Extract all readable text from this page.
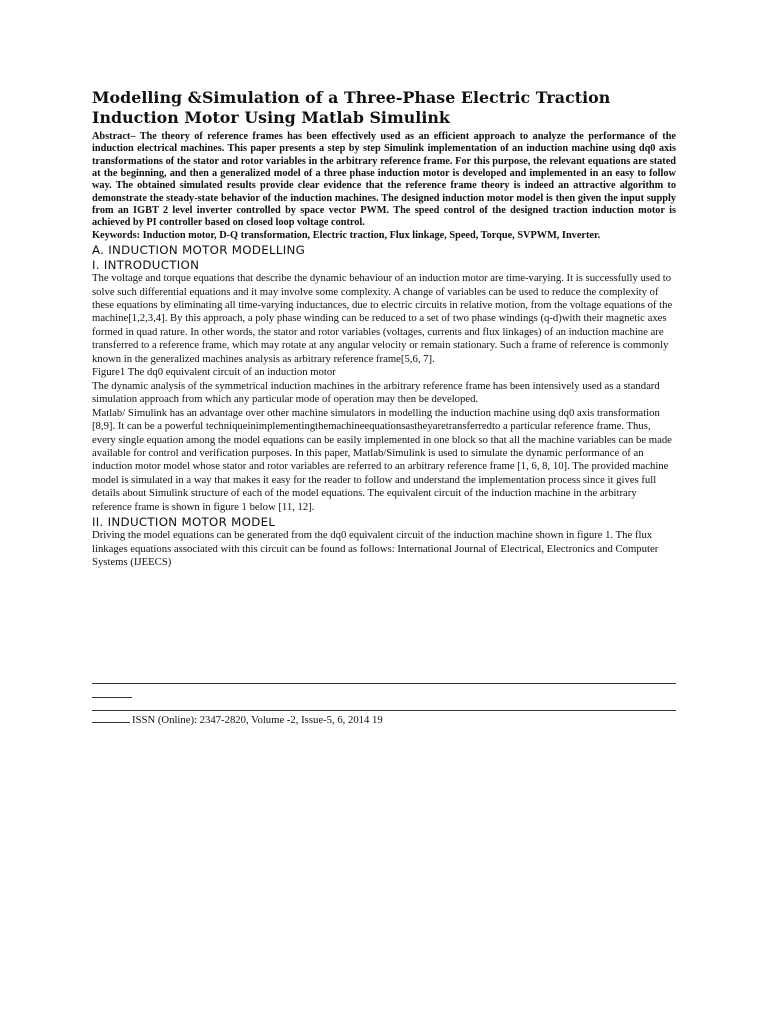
Modelling &Simulation of a Three-Phase Electric Traction Induction Motor Using Matlab Simulink

Abstract– The theory of reference frames has been effectively used as an efficient approach to analyze the performance of the induction electrical machines. This paper presents a step by step Simulink implementation of an induction machine using dq0 axis transformations of the stator and rotor variables in the arbitrary reference frame. For this purpose, the relevant equations are stated at the beginning, and then a generalized model of a three phase induction motor is developed and implemented in an easy to follow way. The obtained simulated results provide clear evidence that the reference frame theory is indeed an attractive algorithm to demonstrate the steady-state behavior of the induction machines. The designed induction motor model is then given the input supply from an IGBT 2 level inverter controlled by space vector PWM. The speed control of the designed traction induction motor is achieved by PI controller based on closed loop voltage control.

Keywords: Induction motor, D-Q transformation, Electric traction, Flux linkage, Speed, Torque, SVPWM, Inverter.

A. INDUCTION MOTOR MODELLING
I. INTRODUCTION

The voltage and torque equations that describe the dynamic behaviour of an induction motor are time-varying. It is successfully used to solve such differential equations and it may involve some complexity. A change of variables can be used to reduce the complexity of these equations by eliminating all time-varying inductances, due to electric circuits in relative motion, from the voltage equations of the machine[1,2,3,4]. By this approach, a poly phase winding can be reduced to a set of two phase windings (q-d)with their magnetic axes formed in quad rature. In other words, the stator and rotor variables (voltages, currents and flux linkages) of an induction machine are transferred to a reference frame, which may rotate at any angular velocity or remain stationary. Such a frame of reference is commonly known in the generalized machines analysis as arbitrary reference frame[5,6, 7].

Figure1 The dq0 equivalent circuit of an induction motor

The dynamic analysis of the symmetrical induction machines in the arbitrary reference frame has been intensively used as a standard simulation approach from which any particular mode of operation may then be developed.

Matlab/ Simulink has an advantage over other machine simulators in modelling the induction machine using dq0 axis transformation [8,9]. It can be a powerful techniqueinimplementingthemachineequationsastheyaretransferredto a particular reference frame. Thus, every single equation among the model equations can be easily implemented in one block so that all the machine variables can be made available for control and verification purposes. In this paper, Matlab/Simulink is used to simulate the dynamic performance of an induction motor model whose stator and rotor variables are referred to an arbitrary reference frame [1, 6, 8, 10]. The provided machine model is simulated in a way that makes it easy for the reader to follow and understand the implementation process since it gives full details about Simulink structure of each of the model equations. The equivalent circuit of the induction machine in the arbitrary reference frame is shown in figure 1 below [11, 12].

II. INDUCTION MOTOR MODEL

Driving the model equations can be generated from the dq0 equivalent circuit of the induction machine shown in figure 1. The flux linkages equations associated with this circuit can be found as follows: International Journal of Electrical, Electronics and Computer Systems (IJEECS)

ISSN (Online): 2347-2820, Volume -2, Issue-5, 6, 2014 19
